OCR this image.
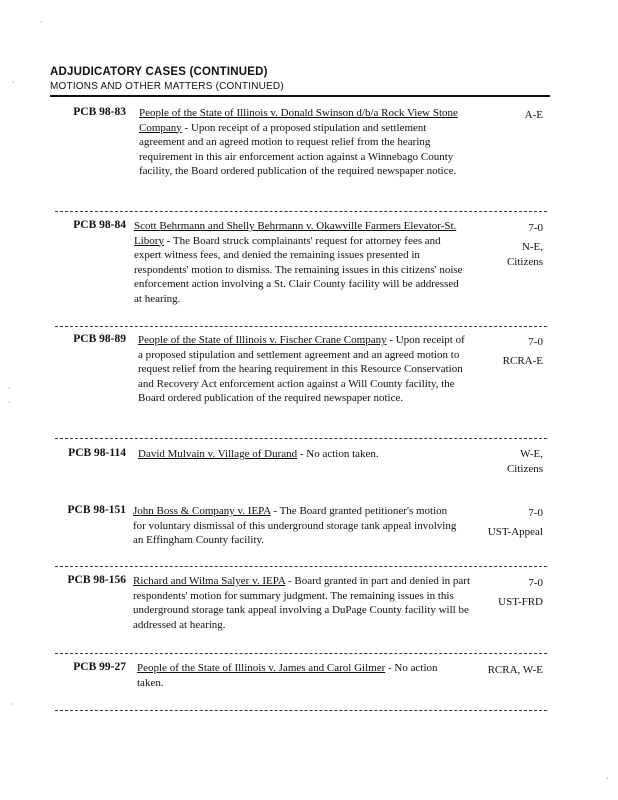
ADJUDICATORY CASES (CONTINUED)
MOTIONS AND OTHER MATTERS (CONTINUED)
PCB 98-83 People of the State of Illinois v. Donald Swinson d/b/a Rock View Stone Company - Upon receipt of a proposed stipulation and settlement agreement and an agreed motion to request relief from the hearing requirement in this air enforcement action against a Winnebago County facility, the Board ordered publication of the required newspaper notice.
A-E
PCB 98-84 Scott Behrmann and Shelly Behrmann v. Okawville Farmers Elevator-St. Libory - The Board struck complainants' request for attorney fees and expert witness fees, and denied the remaining issues presented in respondents' motion to dismiss. The remaining issues in this citizens' noise enforcement action involving a St. Clair County facility will be addressed at hearing.
7-0
N-E,
Citizens
PCB 98-89 People of the State of Illinois v. Fischer Crane Company - Upon receipt of a proposed stipulation and settlement agreement and an agreed motion to request relief from the hearing requirement in this Resource Conservation and Recovery Act enforcement action against a Will County facility, the Board ordered publication of the required newspaper notice.
7-0
RCRA-E
PCB 98-114 David Mulvain v. Village of Durand - No action taken.	W-E,
Citizens
PCB 98-151 John Boss & Company v. IEPA - The Board granted petitioner's motion for voluntary dismissal of this underground storage tank appeal involving an Effingham County facility.
7-0
UST-Appeal
PCB 98-156 Richard and Wilma Salyer v. IEPA - Board granted in part and denied in part respondents' motion for summary judgment. The remaining issues in this underground storage tank appeal involving a DuPage County facility will be addressed at hearing.
7-0
UST-FRD
PCB 99-27 People of the State of Illinois v. James and Carol Gilmer - No action taken.
RCRA, W-E
·
·
·
·
·
·
